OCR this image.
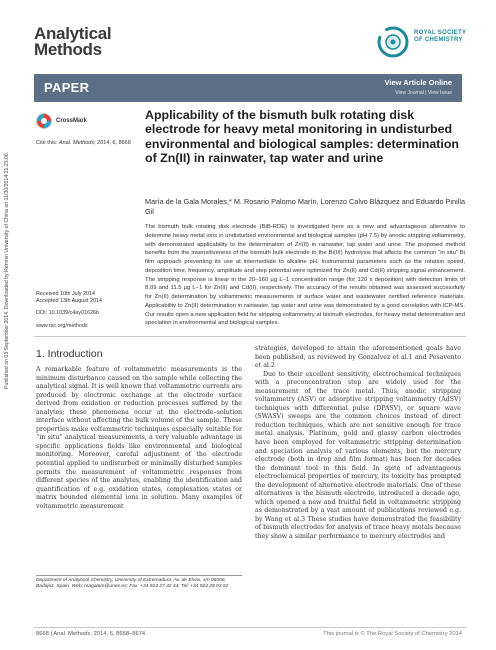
Published on 03 September 2014. Downloaded by Renmin University of China on 11/30/2014 21:23:06.
Analytical
Methods
ROYAL SOCIETY
OF CHEMISTRY
PAPER	View Article Online
View Journal | View Issue
CrossMark
Cite this: Anal. Methods, 2014, 6, 8668
Applicability of the bismuth bulk rotating disk electrode for heavy metal monitoring in undisturbed environmental and biological samples: determination of Zn(II) in rainwater, tap water and urine
María de la Gala Morales,* M. Rosario Palomo Marín, Lorenzo Calvo Blázquez and Eduardo Pinilla Gil
The bismuth bulk rotating disk electrode (BiB-RDE) is investigated here as a new and advantageous alternative to determine heavy metal ions in undisturbed environmental and biological samples (pH 7.5) by anodic stripping voltammetry, with demonstrated applicability to the determination of Zn(II) in rainwater, tap water and urine. The proposed method benefits from the insensitiveness of the bismuth bulk electrode to the Bi(III) hydrolysis that affects the common “in situ” Bi film approach preventing its use at intermediate to alkaline pH. Instrumental parameters such as the rotation speed, deposition time, frequency, amplitude and step potential were optimized for Zn(II) and Cd(II) stripping signal enhancement. The stripping response is linear in the 20–160 μg L−1 concentration range (for 120 s deposition) with detection limits of 8.09 and 11.5 μg L−1 for Zn(II) and Cd(II), respectively. The accuracy of the results obtained was assessed successfully for Zn(II) determination by voltammetric measurements of surface water and wastewater certified reference materials. Applicability to Zn(II) determination in rainwater, tap water and urine was demonstrated by a good correlation with ICP-MS. Our results open a new application field for stripping voltammetry at bismuth electrodes, for heavy metal determination and speciation in environmental and biological samples.
Received 10th July 2014
Accepted 13th August 2014
DOI: 10.1039/c4ay01626b
www.rsc.org/methods
1. Introduction
A remarkable feature of voltammetric measurements is the minimum disturbance caused on the sample while collecting the analytical signal. It is well known that voltammetric currents are produced by electronic exchange at the electrode surface derived from oxidation or reduction processes suffered by the analytes; these phenomena occur at the electrode–solution interface without affecting the bulk volume of the sample. These properties make voltammetric techniques especially suitable for “in situ” analytical measurements, a very valuable advantage in specific applications fields like environmental and biological monitoring. Moreover, careful adjustment of the electrode potential applied to undisturbed or minimally disturbed samples permits the measurement of voltammetric responses from different species of the analytes, enabling the identification and quantification of e.g. oxidation states, complexation states or matrix bounded elemental ions in solution. Many examples of voltammetric measurement

strategies, developed to attain the aforementioned goals have been published, as reviewed by Gonzalvez et al.1 and Pesavento et al.2

Due to their excellent sensitivity, electrochemical techniques with a preconcentration step are widely used for the measurement of the trace metal. Thus, anodic stripping voltammetry (ASV) or adsorptive stripping voltammetry (AdSV) techniques with differential pulse (DPASV), or square wave (SWASV) sweeps are the common choices instead of direct reduction techniques, which are not sensitive enough for trace metal analysis. Platinum, gold and glassy carbon electrodes have been employed for voltammetric stripping determination and speciation analysis of various elements, but the mercury electrode (both in drop and film format) has been for decades the dominant tool in this field. In spite of advantageous electrochemical properties of mercury, its toxicity has prompted the development of alternative electrode materials. One of these alternatives is the bismuth electrode, introduced a decade ago, which opened a new and fruitful field in voltammetric stripping as demonstrated by a vast amount of publications reviewed e.g. by Wang et al.3 These studies have demonstrated the feasibility of bismuth electrodes for analysis of trace heavy metals because they show a similar performance to mercury electrodes and

Department of Analytical Chemistry, University of Extremadura, Av. de Elvas, s/n 06006, Badajoz, Spain. Web: magalam@unex.es; Fax: +34 924 27 42 44; Tel: +34 924 28 93 92
8668 | Anal. Methods, 2014, 6, 8668–8674	This journal is © The Royal Society of Chemistry 2014
